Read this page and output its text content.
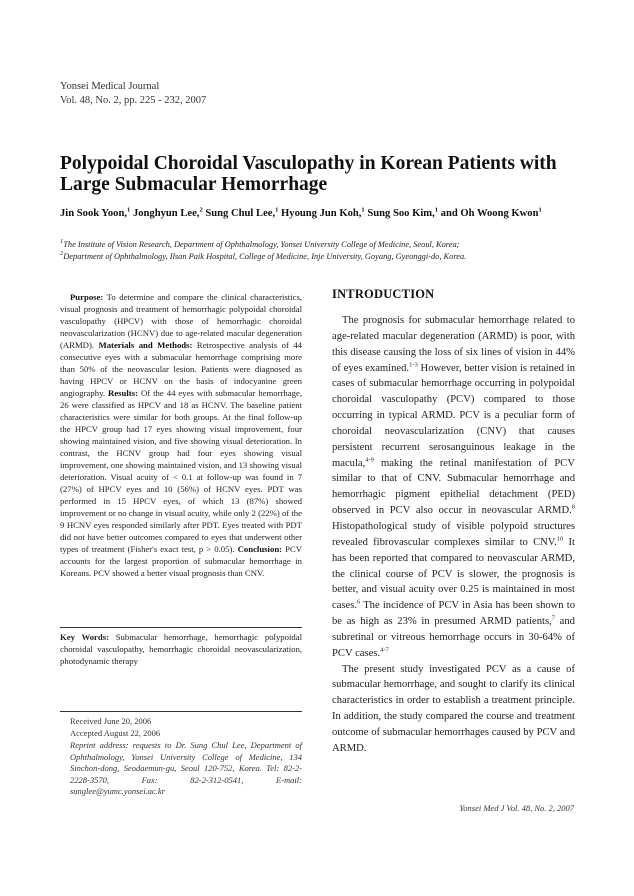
Yonsei Medical Journal
Vol. 48, No. 2, pp. 225 - 232, 2007
Polypoidal Choroidal Vasculopathy in Korean Patients with Large Submacular Hemorrhage
Jin Sook Yoon,$^1$ Jonghyun Lee,$^2$ Sung Chul Lee,$^1$ Hyoung Jun Koh,$^1$ Sung Soo Kim,$^1$ and Oh Woong Kwon$^1$
$^1$The Institute of Vision Research, Department of Ophthalmology, Yonsei University College of Medicine, Seoul, Korea;
$^2$Department of Ophthalmology, Ilsan Paik Hospital, College of Medicine, Inje University, Goyang, Gyeonggi-do, Korea.

Purpose: To determine and compare the clinical characteristics, visual prognosis and treatment of hemorrhagic polypoidal choroidal vasculopathy (HPCV) with those of hemorrhagic choroidal neovascularization (HCNV) due to age-related macular degeneration (ARMD). Materials and Methods: Retrospective analysis of 44 consecutive eyes with a submacular hemorrhage comprising more than 50% of the neovascular lesion. Patients were diagnosed as having HPCV or HCNV on the basis of indocyanine green angiography. Results: Of the 44 eyes with submacular hemorrhage, 26 were classified as HPCV and 18 as HCNV. The baseline patient characteristics were similar for both groups. At the final follow-up the HPCV group had 17 eyes showing visual improvement, four showing maintained vision, and five showing visual deterioration. In contrast, the HCNV group had four eyes showing visual improvement, one showing maintained vision, and 13 showing visual deterioration. Visual acuity of < 0.1 at follow-up was found in 7 (27%) of HPCV eyes and 10 (56%) of HCNV eyes. PDT was performed in 15 HPCV eyes, of which 13 (87%) showed improvement or no change in visual acuity, while only 2 (22%) of the 9 HCNV eyes responded similarly after PDT. Eyes treated with PDT did not have better outcomes compared to eyes that underwent other types of treatment (Fisher's exact test, p > 0.05). Conclusion: PCV accounts for the largest proportion of submacular hemorrhage in Koreans. PCV showed a better visual prognosis than CNV.

Key Words: Submacular hemorrhage, hemorrhagic polypoidal choroidal vasculopathy, hemorrhagic choroidal neovascularization, photodynamic therapy

Received June 20, 2006
Accepted August 22, 2006
Reprint address: requests to Dr. Sung Chul Lee, Department of Ophthalmology, Yonsei University College of Medicine, 134 Sinchon-dong, Seodaemun-gu, Seoul 120-752, Korea. Tel: 82-2-2228-3570, Fax: 82-2-312-0541, E-mail: sunglee@yumc.yonsei.ac.kr
INTRODUCTION

The prognosis for submacular hemorrhage related to age-related macular degeneration (ARMD) is poor, with this disease causing the loss of six lines of vision in 44% of eyes examined.$^{1-3}$ However, better vision is retained in cases of submacular hemorrhage occurring in polypoidal choroidal vasculopathy (PCV) compared to those occurring in typical ARMD. PCV is a peculiar form of choroidal neovascularization (CNV) that causes persistent recurrent serosanguinous leakage in the macula,$^{4-9}$ making the retinal manifestation of PCV similar to that of CNV. Submacular hemorrhage and hemorrhagic pigment epithelial detachment (PED) observed in PCV also occur in neovascular ARMD.$^8$ Histopathological study of visible polypoid structures revealed fibrovascular complexes similar to CNV.$^{10}$ It has been reported that compared to neovascular ARMD, the clinical course of PCV is slower, the prognosis is better, and visual acuity over 0.25 is maintained in most cases.$^6$ The incidence of PCV in Asia has been shown to be as high as 23% in presumed ARMD patients,$^7$ and subretinal or vitreous hemorrhage occurs in 30-64% of PCV cases.$^{4-7}$

The present study investigated PCV as a cause of submacular hemorrhage, and sought to clarify its clinical characteristics in order to establish a treatment principle. In addition, the study compared the course and treatment outcome of submacular hemorrhages caused by PCV and ARMD.

Yonsei Med J Vol. 48, No. 2, 2007
